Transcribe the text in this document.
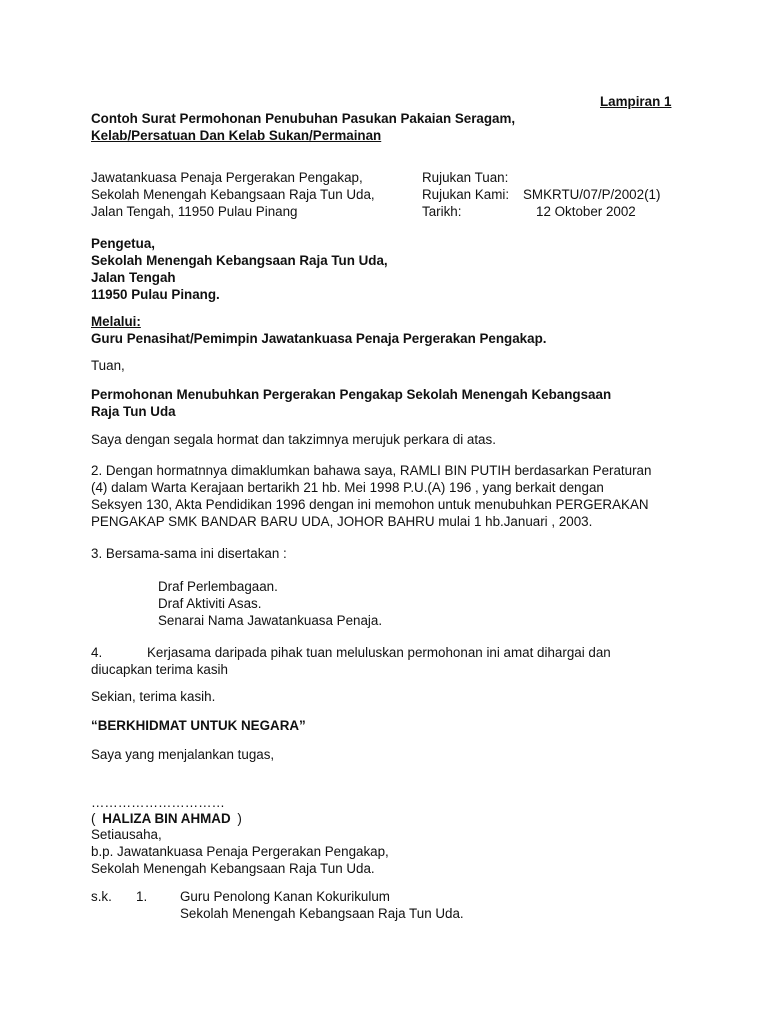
Lampiran 1
Contoh Surat Permohonan Penubuhan Pasukan Pakaian Seragam,
Kelab/Persatuan Dan Kelab Sukan/Permainan
Jawatankuasa Penaja Pergerakan Pengakap,
Sekolah Menengah Kebangsaan Raja Tun Uda,
Jalan Tengah, 11950 Pulau Pinang
Rujukan Tuan:
Rujukan Kami:
Tarikh:
SMKRTU/07/P/2002(1)
12 Oktober 2002
Pengetua,
Sekolah Menengah Kebangsaan Raja Tun Uda,
Jalan Tengah
11950 Pulau Pinang.
Melalui:
Guru Penasihat/Pemimpin Jawatankuasa Penaja Pergerakan Pengakap.
Tuan,
Permohonan Menubuhkan Pergerakan Pengakap Sekolah Menengah Kebangsaan
Raja Tun Uda
Saya dengan segala hormat dan takzimnya merujuk perkara di atas.
2. Dengan hormatnnya dimaklumkan bahawa saya, RAMLI BIN PUTIH berdasarkan Peraturan
(4) dalam Warta Kerajaan bertarikh 21 hb. Mei 1998 P.U.(A) 196 , yang berkait dengan
Seksyen 130, Akta Pendidikan 1996 dengan ini memohon untuk menubuhkan PERGERAKAN
PENGAKAP SMK BANDAR BARU UDA, JOHOR BAHRU mulai 1 hb.Januari , 2003.
3. Bersama-sama ini disertakan :
Draf Perlembagaan.
Draf Aktiviti Asas.
Senarai Nama Jawatankuasa Penaja.
4.	Kerjasama daripada pihak tuan meluluskan permohonan ini amat dihargai dan
diucapkan terima kasih
Sekian, terima kasih.
“BERKHIDMAT UNTUK NEGARA”
Saya yang menjalankan tugas,
…………………………
( HALIZA BIN AHMAD )
Setiausaha,
b.p. Jawatankuasa Penaja Pergerakan Pengakap,
Sekolah Menengah Kebangsaan Raja Tun Uda.
s.k. 1. Guru Penolong Kanan Kokurikulum
Sekolah Menengah Kebangsaan Raja Tun Uda.
